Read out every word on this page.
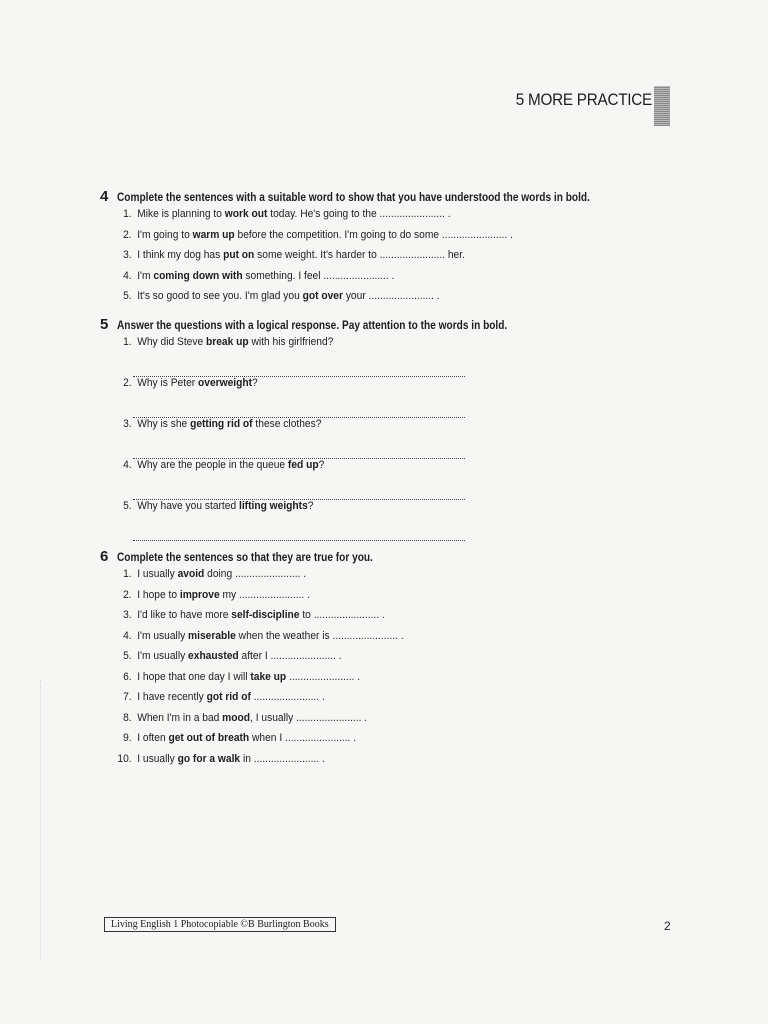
5 MORE PRACTICE
4 Complete the sentences with a suitable word to show that you have understood the words in bold.
1. Mike is planning to work out today. He's going to the ....................... .
2. I'm going to warm up before the competition. I'm going to do some ....................... .
3. I think my dog has put on some weight. It's harder to ....................... her.
4. I'm coming down with something. I feel ....................... .
5. It's so good to see you. I'm glad you got over your ....................... .
5 Answer the questions with a logical response. Pay attention to the words in bold.
1. Why did Steve break up with his girlfriend?
2. Why is Peter overweight?
3. Why is she getting rid of these clothes?
4. Why are the people in the queue fed up?
5. Why have you started lifting weights?
6 Complete the sentences so that they are true for you.
1. I usually avoid doing ....................... .
2. I hope to improve my ....................... .
3. I'd like to have more self-discipline to ....................... .
4. I'm usually miserable when the weather is ....................... .
5. I'm usually exhausted after I ....................... .
6. I hope that one day I will take up ....................... .
7. I have recently got rid of ....................... .
8. When I'm in a bad mood, I usually ....................... .
9. I often get out of breath when I ....................... .
10. I usually go for a walk in ....................... .
Living English 1 Photocopiable ©B Burlington Books	2
